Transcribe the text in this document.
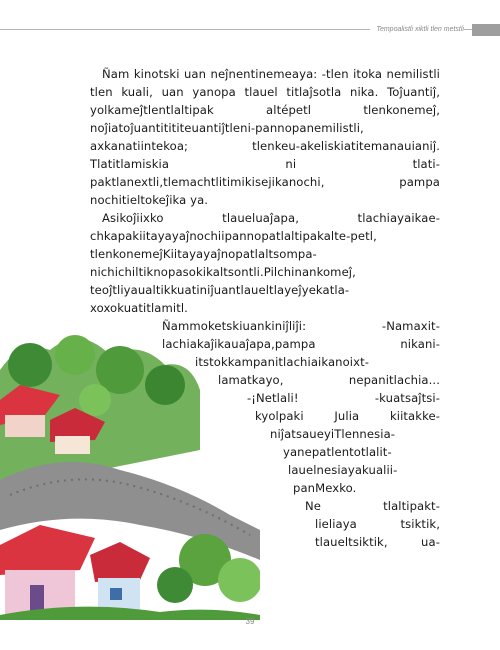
Tempoalistli xiktli tlen metstli

Ñam kinotski uan neĵnentinemeaya: -tlen itoka nemilistli tlen kuali, uan yanopa tlauel titlaĵsotla nika. Toĵuantiĵ, yolkameĵtlentlaltipak altépetl tlenkonemeĵ, noĵiatoĵuantitititeuantiĵtleni-pannopanemilistli, axkanatiintekoa; tlenkeu-akeliskiatitemanauianiĵ. Tlatitlamiskia ni tlati-paktlanextli,tlemachtlitimikisejikanochi, pampa nochitieltokeĵika ya.

Asikoĵiixko tlaueluaĵapa, tlachiayaikae-chkapakiitayayaĵnochiipannopatlaltipakalte-petl, tlenkonemeĵKiitayayaĵnopatlaltsompa-nichichiltiknopasokikaltsontli.Pilchinankomeĵ, teoĵtliyaualtikkuatiniĵuantlaueltlayeĵyekatla-xoxokuatitlamitl.

Ñammoketskiuankiniĵliĵi: -Namaxit-
lachiakaĵikauaĵapa,pampa nikani-
itstokkampanitlachiaikanoixt-
lamatkayo, nepanitlachia...
-¡Netlali! -kuatsaĵtsi-
kyolpaki Julia kiitakke-
niĵatsaueyiTlennesia-
yanepatlentotlalit-
lauelnesiayakualii-
panMexko.
Ne tlaltipakt-
lieliaya tsiktik,
tlaueltsiktik, ua-
39
